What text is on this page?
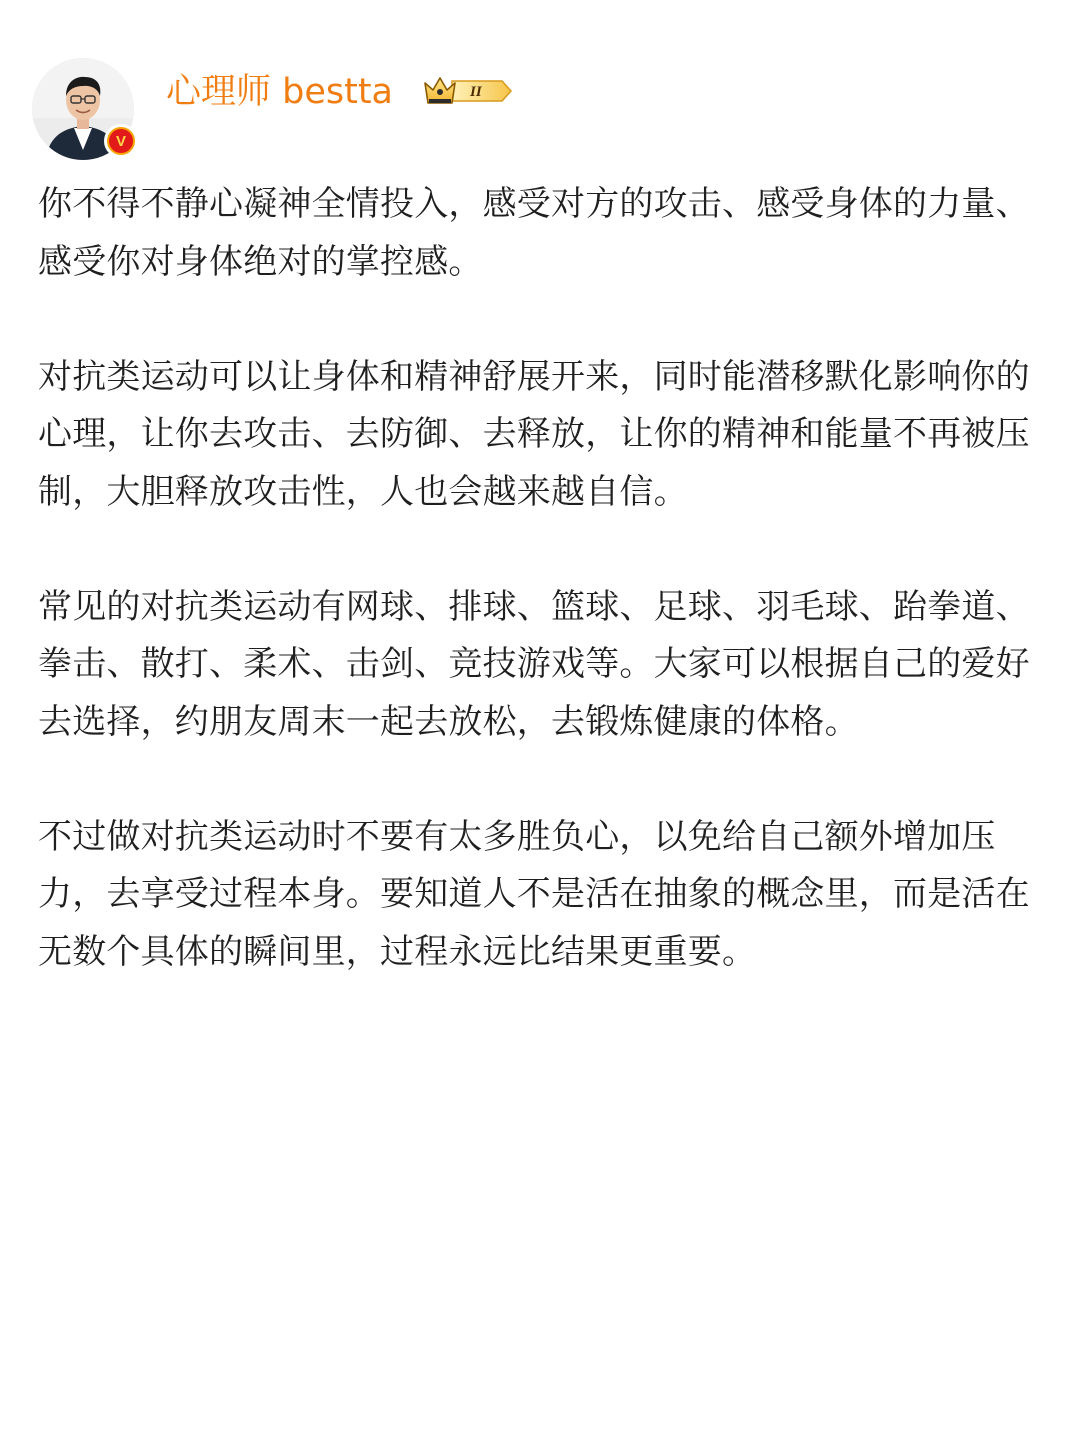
V
心理师 bestta	II

你不得不静心凝神全情投入，感受对方的攻击、感受身体的力量、感受你对身体绝对的掌控感。

对抗类运动可以让身体和精神舒展开来，同时能潜移默化影响你的心理，让你去攻击、去防御、去释放，让你的精神和能量不再被压制，大胆释放攻击性，人也会越来越自信。

常见的对抗类运动有网球、排球、篮球、足球、羽毛球、跆拳道、拳击、散打、柔术、击剑、竞技游戏等。大家可以根据自己的爱好去选择，约朋友周末一起去放松，去锻炼健康的体格。

不过做对抗类运动时不要有太多胜负心，以免给自己额外增加压力，去享受过程本身。要知道人不是活在抽象的概念里，而是活在无数个具体的瞬间里，过程永远比结果更重要。
